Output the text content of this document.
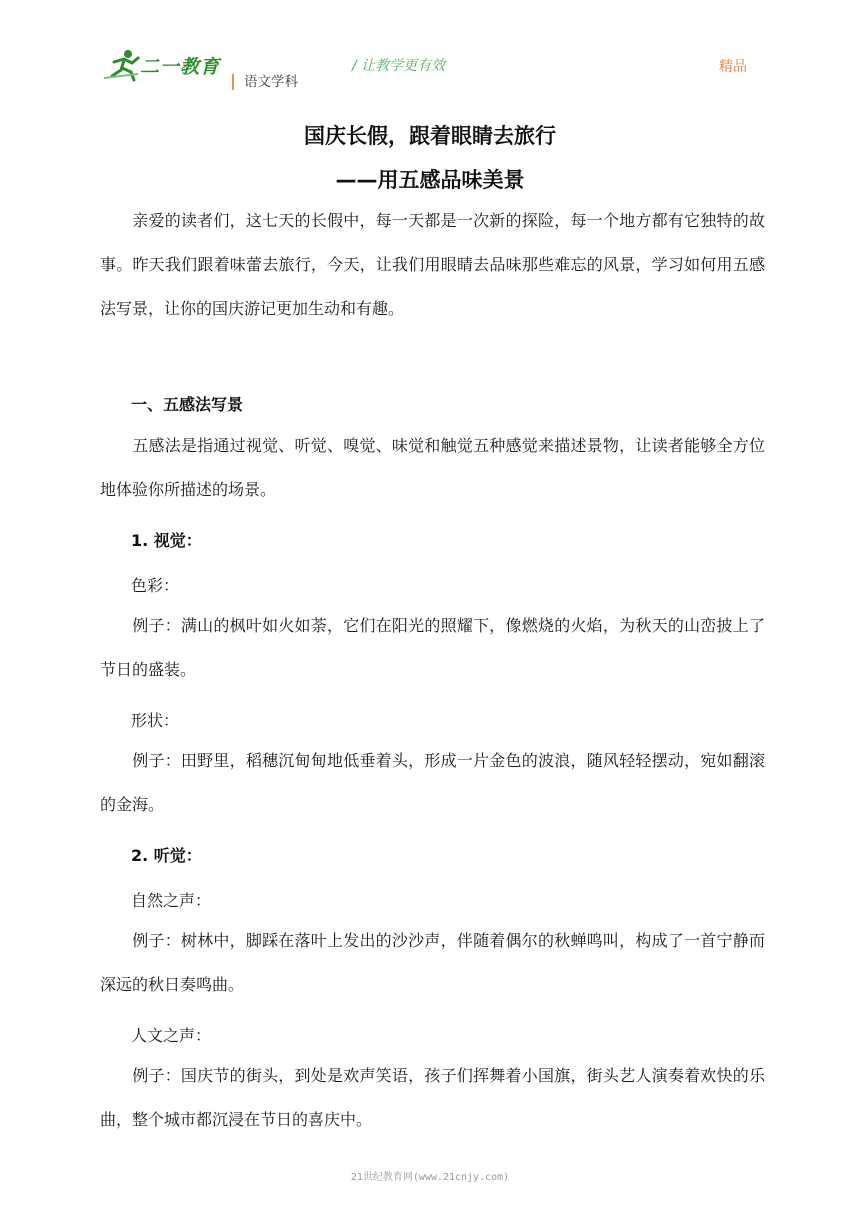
二一教育
语文学科
/ 让教学更有效	精品
国庆长假，跟着眼睛去旅行
——用五感品味美景
亲爱的读者们，这七天的长假中，每一天都是一次新的探险，每一个地方都有它独特的故事。昨天我们跟着味蕾去旅行，今天，让我们用眼睛去品味那些难忘的风景，学习如何用五感法写景，让你的国庆游记更加生动和有趣。
一、五感法写景
五感法是指通过视觉、听觉、嗅觉、味觉和触觉五种感觉来描述景物，让读者能够全方位地体验你所描述的场景。
1. 视觉：
色彩：
例子：满山的枫叶如火如荼，它们在阳光的照耀下，像燃烧的火焰，为秋天的山峦披上了节日的盛装。
形状：
例子：田野里，稻穗沉甸甸地低垂着头，形成一片金色的波浪，随风轻轻摆动，宛如翻滚的金海。
2. 听觉：
自然之声：
例子：树林中，脚踩在落叶上发出的沙沙声，伴随着偶尔的秋蝉鸣叫，构成了一首宁静而深远的秋日奏鸣曲。
人文之声：
例子：国庆节的街头，到处是欢声笑语，孩子们挥舞着小国旗，街头艺人演奏着欢快的乐曲，整个城市都沉浸在节日的喜庆中。
21世纪教育网(www.21cnjy.com)
